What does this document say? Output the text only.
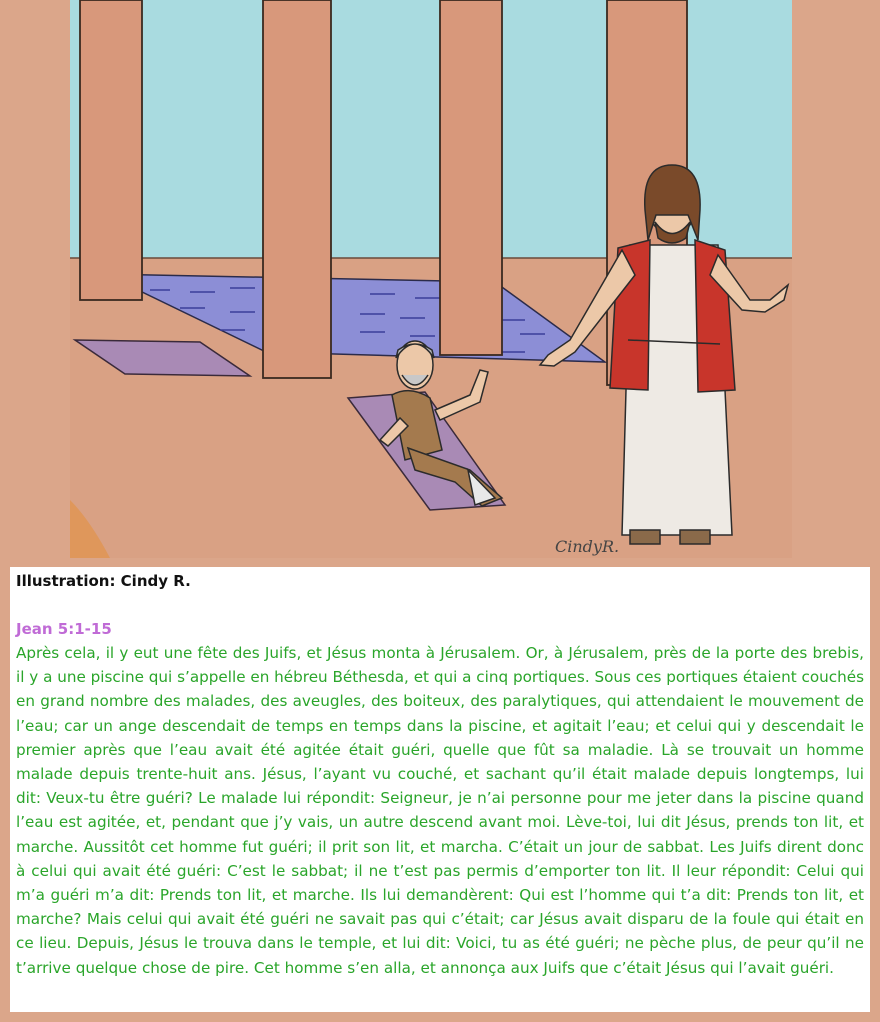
CindyR.

Illustration: Cindy R.

Jean 5:1-15

Après cela, il y eut une fête des Juifs, et Jésus monta à Jérusalem. Or, à Jérusalem, près de la porte des brebis, il y a une piscine qui s’appelle en hébreu Béthesda, et qui a cinq portiques. Sous ces portiques étaient couchés en grand nombre des malades, des aveugles, des boiteux, des paralytiques, qui attendaient le mouvement de l’eau; car un ange descendait de temps en temps dans la piscine, et agitait l’eau; et celui qui y descendait le premier après que l’eau avait été agitée était guéri, quelle que fût sa maladie. Là se trouvait un homme malade depuis trente-huit ans. Jésus, l’ayant vu couché, et sachant qu’il était malade depuis longtemps, lui dit: Veux-tu être guéri? Le malade lui répondit: Seigneur, je n’ai personne pour me jeter dans la piscine quand l’eau est agitée, et, pendant que j’y vais, un autre descend avant moi. Lève-toi, lui dit Jésus, prends ton lit, et marche. Aussitôt cet homme fut guéri; il prit son lit, et marcha. C’était un jour de sabbat. Les Juifs dirent donc à celui qui avait été guéri: C’est le sabbat; il ne t’est pas permis d’emporter ton lit. Il leur répondit: Celui qui m’a guéri m’a dit: Prends ton lit, et marche. Ils lui demandèrent: Qui est l’homme qui t’a dit: Prends ton lit, et marche? Mais celui qui avait été guéri ne savait pas qui c’était; car Jésus avait disparu de la foule qui était en ce lieu. Depuis, Jésus le trouva dans le temple, et lui dit: Voici, tu as été guéri; ne pèche plus, de peur qu’il ne t’arrive quelque chose de pire. Cet homme s’en alla, et annonça aux Juifs que c’était Jésus qui l’avait guéri.
